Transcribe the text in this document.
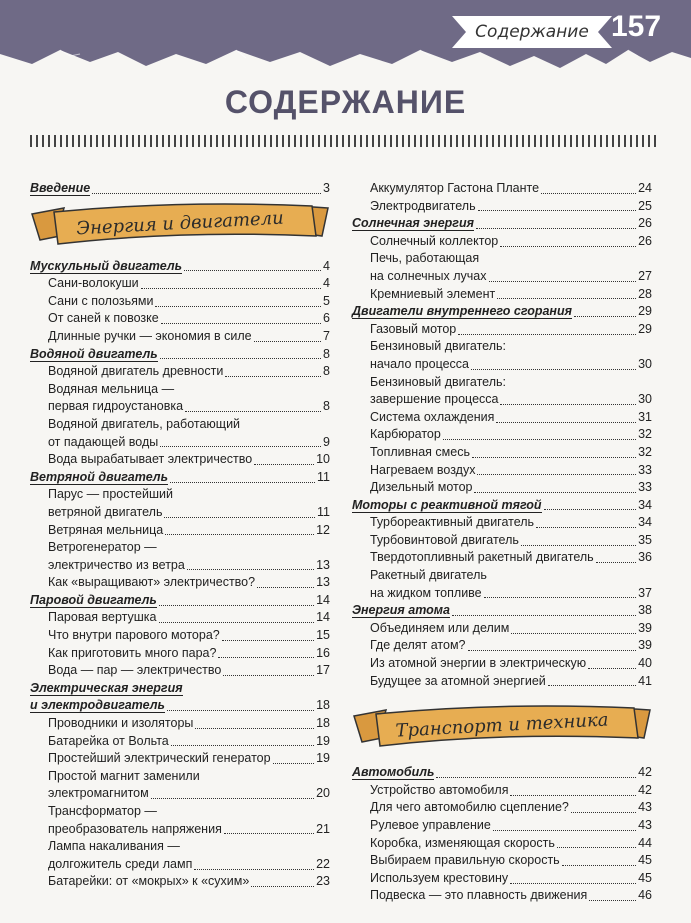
Содержание 157
СОДЕРЖАНИЕ
Введение	3
Энергия и двигатели
Мускульный двигатель	4
Сани-волокуши	4
Сани с полозьями	5
От саней к повозке	6
Длинные ручки — экономия в силе	7
Водяной двигатель	8
Водяной двигатель древности	8
Водяная мельница —
первая гидроустановка	8
Водяной двигатель, работающий
от падающей воды	9
Вода вырабатывает электричество	10
Ветряной двигатель	11
Парус — простейший
ветряной двигатель	11
Ветряная мельница	12
Ветрогенератор —
электричество из ветра	13
Как «выращивают» электричество?	13
Паровой двигатель	14
Паровая вертушка	14
Что внутри парового мотора?	15
Как приготовить много пара?	16
Вода — пар — электричество	17
Электрическая энергия
и электродвигатель	18
Проводники и изоляторы	18
Батарейка от Вольта	19
Простейший электрический генератор	19
Простой магнит заменили
электромагнитом	20
Трансформатор —
преобразователь напряжения	21
Лампа накаливания —
долгожитель среди ламп	22
Батарейки: от «мокрых» к «сухим»	23
Аккумулятор Гастона Планте	24
Электродвигатель	25
Солнечная энергия	26
Солнечный коллектор	26
Печь, работающая
на солнечных лучах	27
Кремниевый элемент	28
Двигатели внутреннего сгорания	29
Газовый мотор	29
Бензиновый двигатель:
начало процесса	30
Бензиновый двигатель:
завершение процесса	30
Система охлаждения	31
Карбюратор	32
Топливная смесь	32
Нагреваем воздух	33
Дизельный мотор	33
Моторы с реактивной тягой	34
Турбореактивный двигатель	34
Турбовинтовой двигатель	35
Твердотопливный ракетный двигатель	36
Ракетный двигатель
на жидком топливе	37
Энергия атома	38
Объединяем или делим	39
Где делят атом?	39
Из атомной энергии в электрическую	40
Будущее за атомной энергией	41
Транспорт и техника
Автомобиль	42
Устройство автомобиля	42
Для чего автомобилю сцепление?	43
Рулевое управление	43
Коробка, изменяющая скорость	44
Выбираем правильную скорость	45
Используем крестовину	45
Подвеска — это плавность движения	46
